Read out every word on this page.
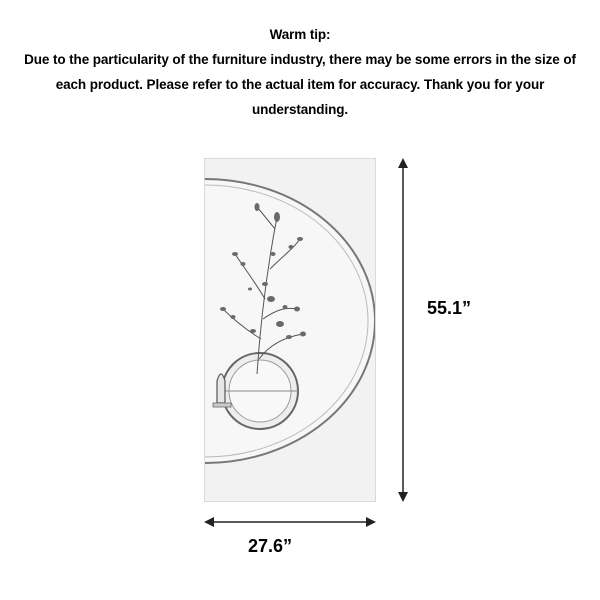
Warm tip:
Due to the particularity of the furniture industry, there may be some errors in the size of
each product. Please refer to the actual item for accuracy. Thank you for your
understanding.
27.6”
55.1”
